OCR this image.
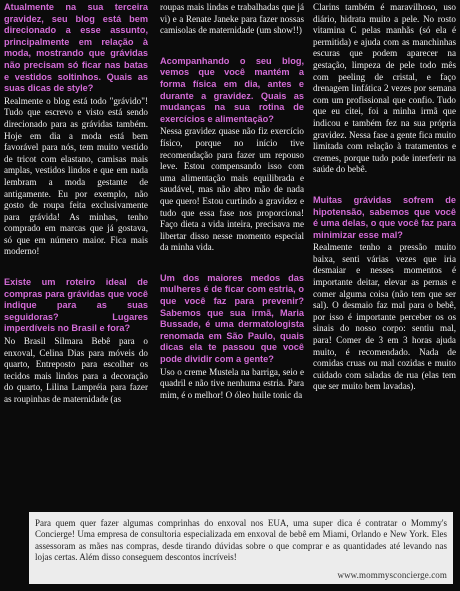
Atualmente na sua terceira gravidez, seu blog está bem direcionado a esse assunto, principalmente em relação à moda, mostrando que grávidas não precisam só ficar nas batas e vestidos soltinhos. Quais as suas dicas de style?
Realmente o blog está todo "grávido"! Tudo que escrevo e visto está sendo direcionado para as grávidas também. Hoje em dia a moda está bem favorável para nós, tem muito vestido de tricot com elastano, camisas mais amplas, vestidos lindos e que em nada lembram a moda gestante de antigamente. Eu por exemplo, não gosto de roupa feita exclusivamente para grávida! As minhas, tenho comprado em marcas que já gostava, só que em número maior. Fica mais moderno!
Existe um roteiro ideal de compras para grávidas que você indique para as suas seguidoras? Lugares imperdíveis no Brasil e fora?
No Brasil Silmara Bebê para o enxoval, Celina Dias para móveis do quarto, Entreposto para escolher os tecidos mais lindos para a decoração do quarto, Lilina Lampréia para fazer as roupinhas de maternidade (as
roupas mais lindas e trabalhadas que já vi) e a Renate Janeke para fazer nossas camisolas de maternidade (um show!!)
Acompanhando o seu blog, vemos que você mantém a forma física em dia, antes e durante a gravidez. Quais as mudanças na sua rotina de exercícios e alimentação?
Nessa gravidez quase não fiz exercício físico, porque no início tive recomendação para fazer um repouso leve. Estou compensando isso com uma alimentação mais equilibrada e saudável, mas não abro mão de nada que quero! Estou curtindo a gravidez e tudo que essa fase nos proporciona! Faço dieta a vida inteira, precisava me libertar disso nesse momento especial da minha vida.
Um dos maiores medos das mulheres é de ficar com estria, o que você faz para prevenir? Sabemos que sua irmã, Maria Bussade, é uma dermatologista renomada em São Paulo, quais dicas ela te passou que você pode dividir com a gente?
Uso o creme Mustela na barriga, seio e quadril e não tive nenhuma estria. Para mim, é o melhor! O óleo huile tonic da
Clarins também é maravilhoso, uso diário, hidrata muito a pele. No rosto vitamina C pelas manhãs (só ela é permitida) e ajuda com as manchinhas escuras que podem aparecer na gestação, limpeza de pele todo mês com peeling de cristal, e faço drenagem linfática 2 vezes por semana com um profissional que confio. Tudo que eu citei, foi a minha irmã que indicou e também fez na sua própria gravidez. Nessa fase a gente fica muito limitada com relação à tratamentos e cremes, porque tudo pode interferir na saúde do bebê.
Muitas grávidas sofrem de hipotensão, sabemos que você é uma delas, o que você faz para minimizar esse mal?
Realmente tenho a pressão muito baixa, senti várias vezes que iria desmaiar e nesses momentos é importante deitar, elevar as pernas e comer alguma coisa (não tem que ser sal). O desmaio faz mal para o bebê, por isso é importante perceber os os sinais do nosso corpo: sentiu mal, para! Comer de 3 em 3 horas ajuda muito, é recomendado. Nada de comidas cruas ou mal cozidas e muito cuidado com saladas de rua (elas tem que ser muito bem lavadas).

Para quem quer fazer algumas comprinhas do enxoval nos EUA, uma super dica é contratar o Mommy's Concierge! Uma empresa de consultoria especializada em enxoval de bebê em Miami, Orlando e New York. Eles assessoram as mães nas compras, desde tirando dúvidas sobre o que comprar e as quantidades até levando nas lojas certas. Além disso conseguem descontos incríveis!

www.mommysconcierge.com
